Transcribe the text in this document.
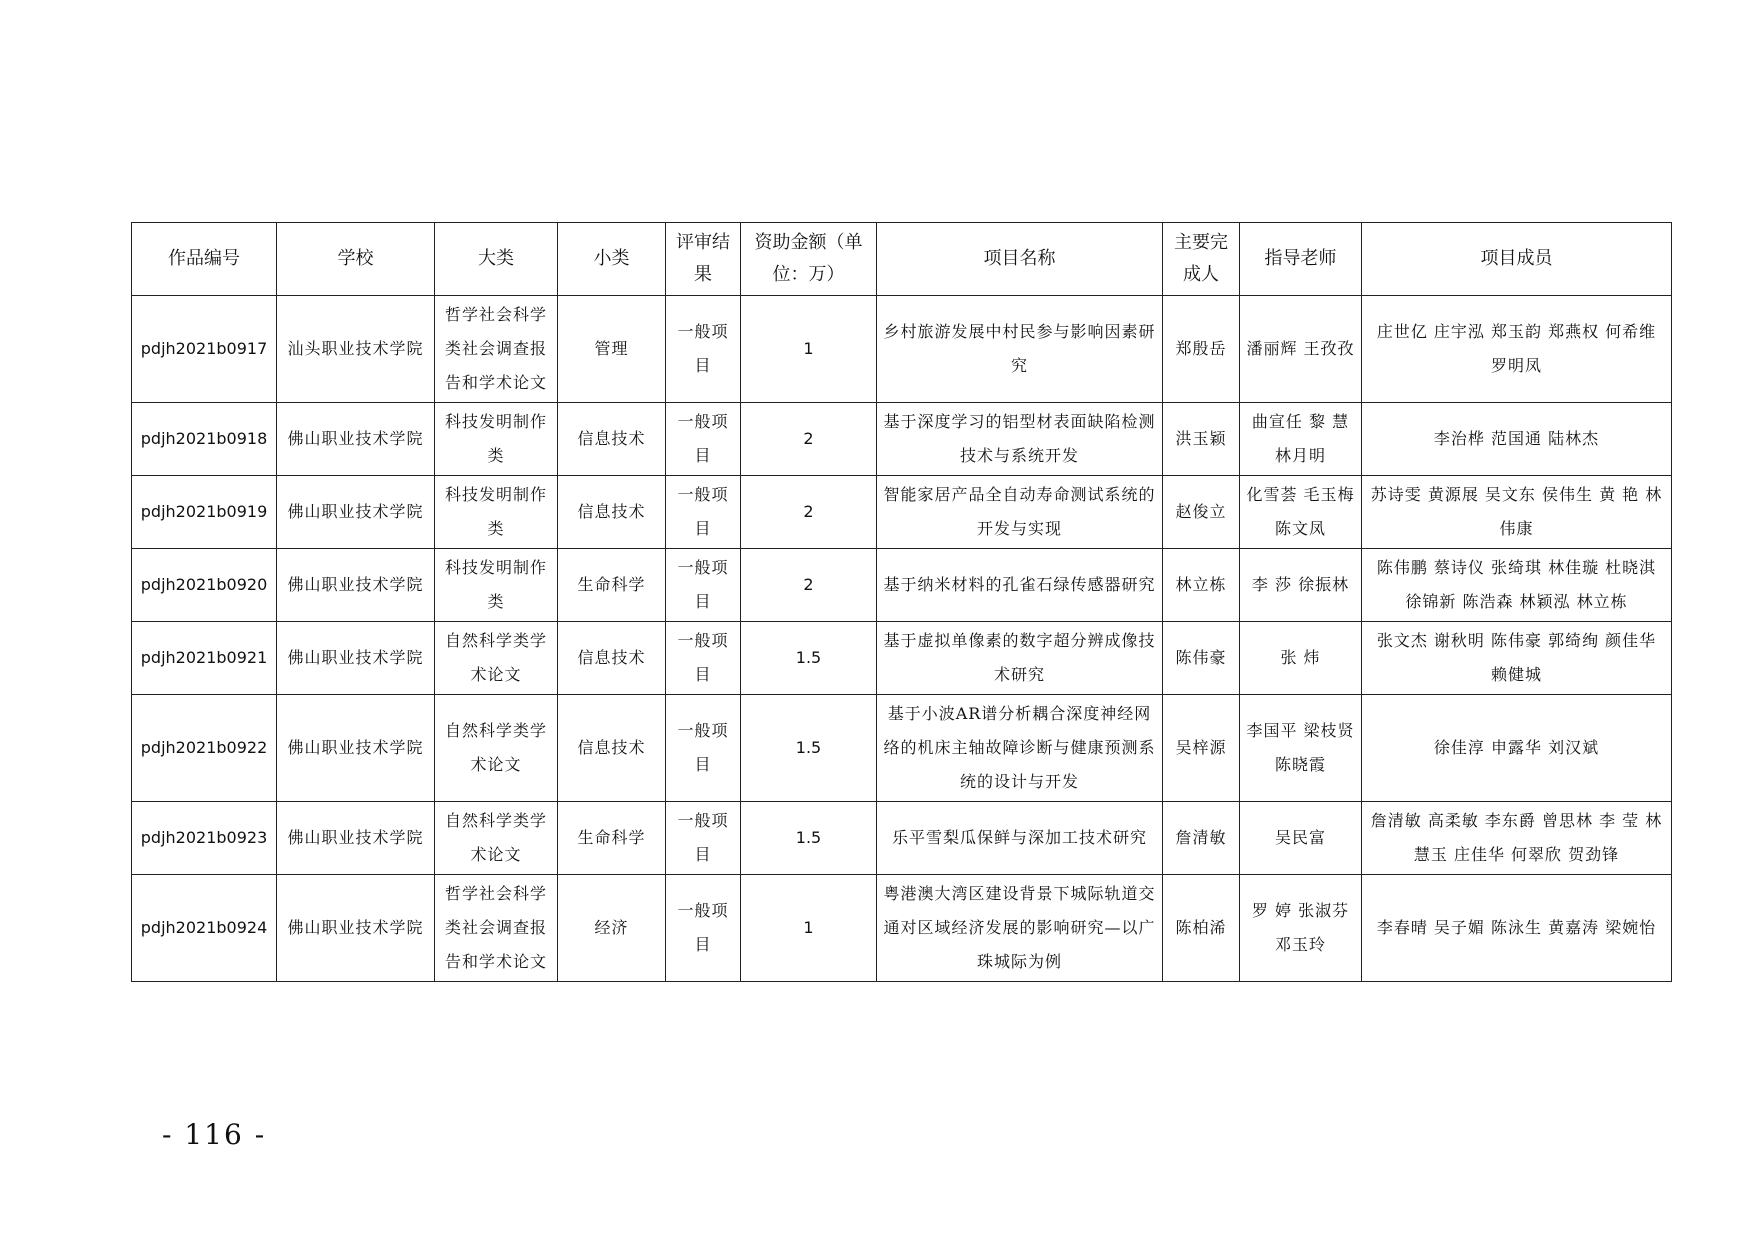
作品编号	学校	大类	小类	评审结果	资助金额（单位：万）	项目名称	主要完成人	指导老师	项目成员
pdjh2021b0917	汕头职业技术学院	哲学社会科学类社会调查报告和学术论文	管理	一般项目	1	乡村旅游发展中村民参与影响因素研究	郑殷岳	潘丽辉 王孜孜	庄世亿 庄宇泓 郑玉韵 郑燕权 何希维 罗明凤
pdjh2021b0918	佛山职业技术学院	科技发明制作类	信息技术	一般项目	2	基于深度学习的铝型材表面缺陷检测技术与系统开发	洪玉颖	曲宣任 黎 慧 林月明	李治桦 范国通 陆林杰
pdjh2021b0919	佛山职业技术学院	科技发明制作类	信息技术	一般项目	2	智能家居产品全自动寿命测试系统的开发与实现	赵俊立	化雪荟 毛玉梅 陈文凤	苏诗雯 黄源展 吴文东 侯伟生 黄 艳 林伟康
pdjh2021b0920	佛山职业技术学院	科技发明制作类	生命科学	一般项目	2	基于纳米材料的孔雀石绿传感器研究	林立栋	李 莎 徐振林	陈伟鹏 蔡诗仪 张绮琪 林佳璇 杜晓淇 徐锦新 陈浩森 林颖泓 林立栋
pdjh2021b0921	佛山职业技术学院	自然科学类学术论文	信息技术	一般项目	1.5	基于虚拟单像素的数字超分辨成像技术研究	陈伟豪	张 炜	张文杰 谢秋明 陈伟豪 郭绮绚 颜佳华 赖健城
pdjh2021b0922	佛山职业技术学院	自然科学类学术论文	信息技术	一般项目	1.5	基于小波AR谱分析耦合深度神经网络的机床主轴故障诊断与健康预测系统的设计与开发	吴梓源	李国平 梁枝贤 陈晓霞	徐佳淳 申露华 刘汉斌
pdjh2021b0923	佛山职业技术学院	自然科学类学术论文	生命科学	一般项目	1.5	乐平雪梨瓜保鲜与深加工技术研究	詹清敏	吴民富	詹清敏 高柔敏 李东爵 曾思林 李 莹 林慧玉 庄佳华 何翠欣 贺劲锋
pdjh2021b0924	佛山职业技术学院	哲学社会科学类社会调查报告和学术论文	经济	一般项目	1	粤港澳大湾区建设背景下城际轨道交通对区域经济发展的影响研究—以广珠城际为例	陈柏浠	罗 婷 张淑芬 邓玉玲	李春晴 吴子媚 陈泳生 黄嘉涛 梁婉怡
- 116 -
